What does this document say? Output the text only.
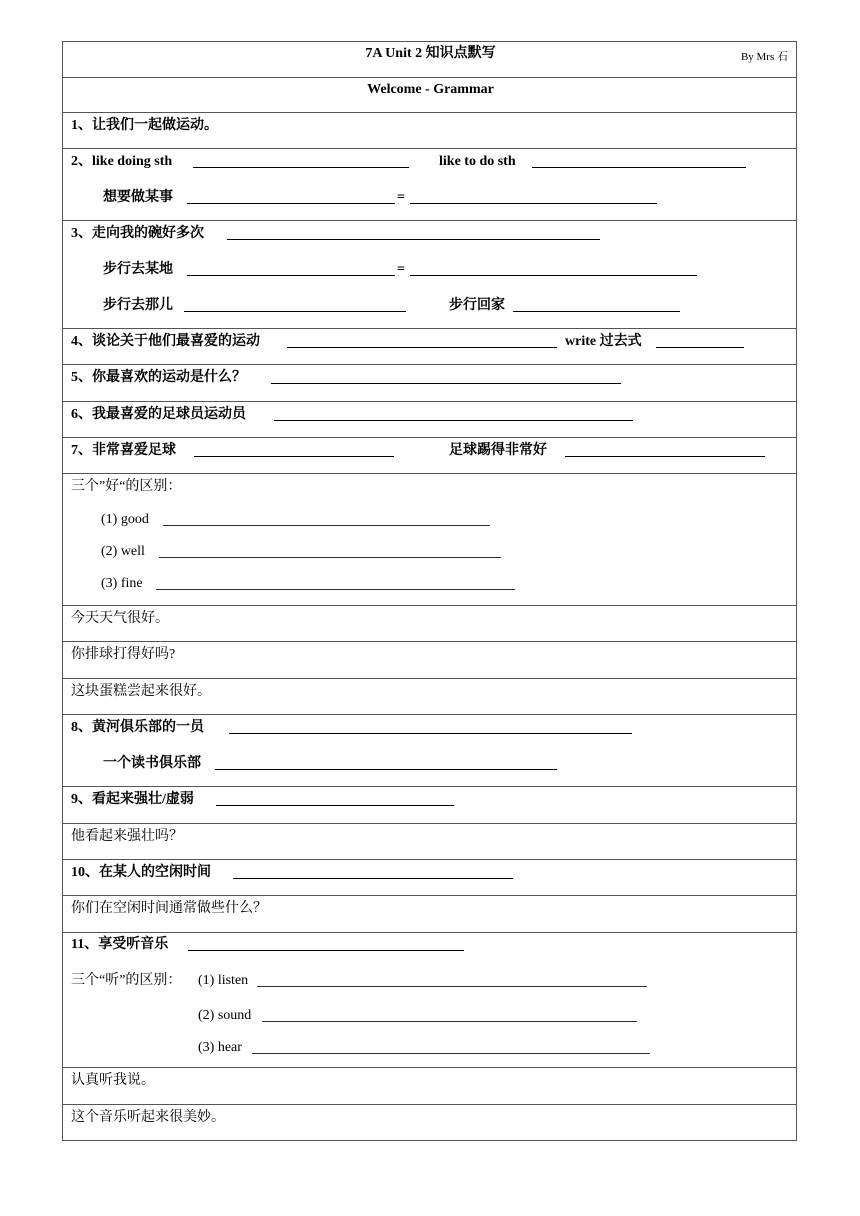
7A Unit 2 知识点默写	By Mrs 石
Welcome - Grammar
1、让我们一起做运动。
2、like doing sth	like to do sth
想要做某事	=
3、走向我的碗好多次
步行去某地	=
步行去那儿	步行回家
4、谈论关于他们最喜爱的运动	write 过去式
5、你最喜欢的运动是什么？
6、我最喜爱的足球员运动员
7、非常喜爱足球	足球踢得非常好
三个”好“的区别：
(1) good
(2) well
(3) fine
今天天气很好。
你排球打得好吗?
这块蛋糕尝起来很好。
8、黄河俱乐部的一员
一个读书俱乐部
9、看起来强壮/虚弱
他看起来强壮吗？
10、在某人的空闲时间
你们在空闲时间通常做些什么？
11、享受听音乐
三个“听”的区别： (1) listen
(2) sound
(3) hear
认真听我说。
这个音乐听起来很美妙。
